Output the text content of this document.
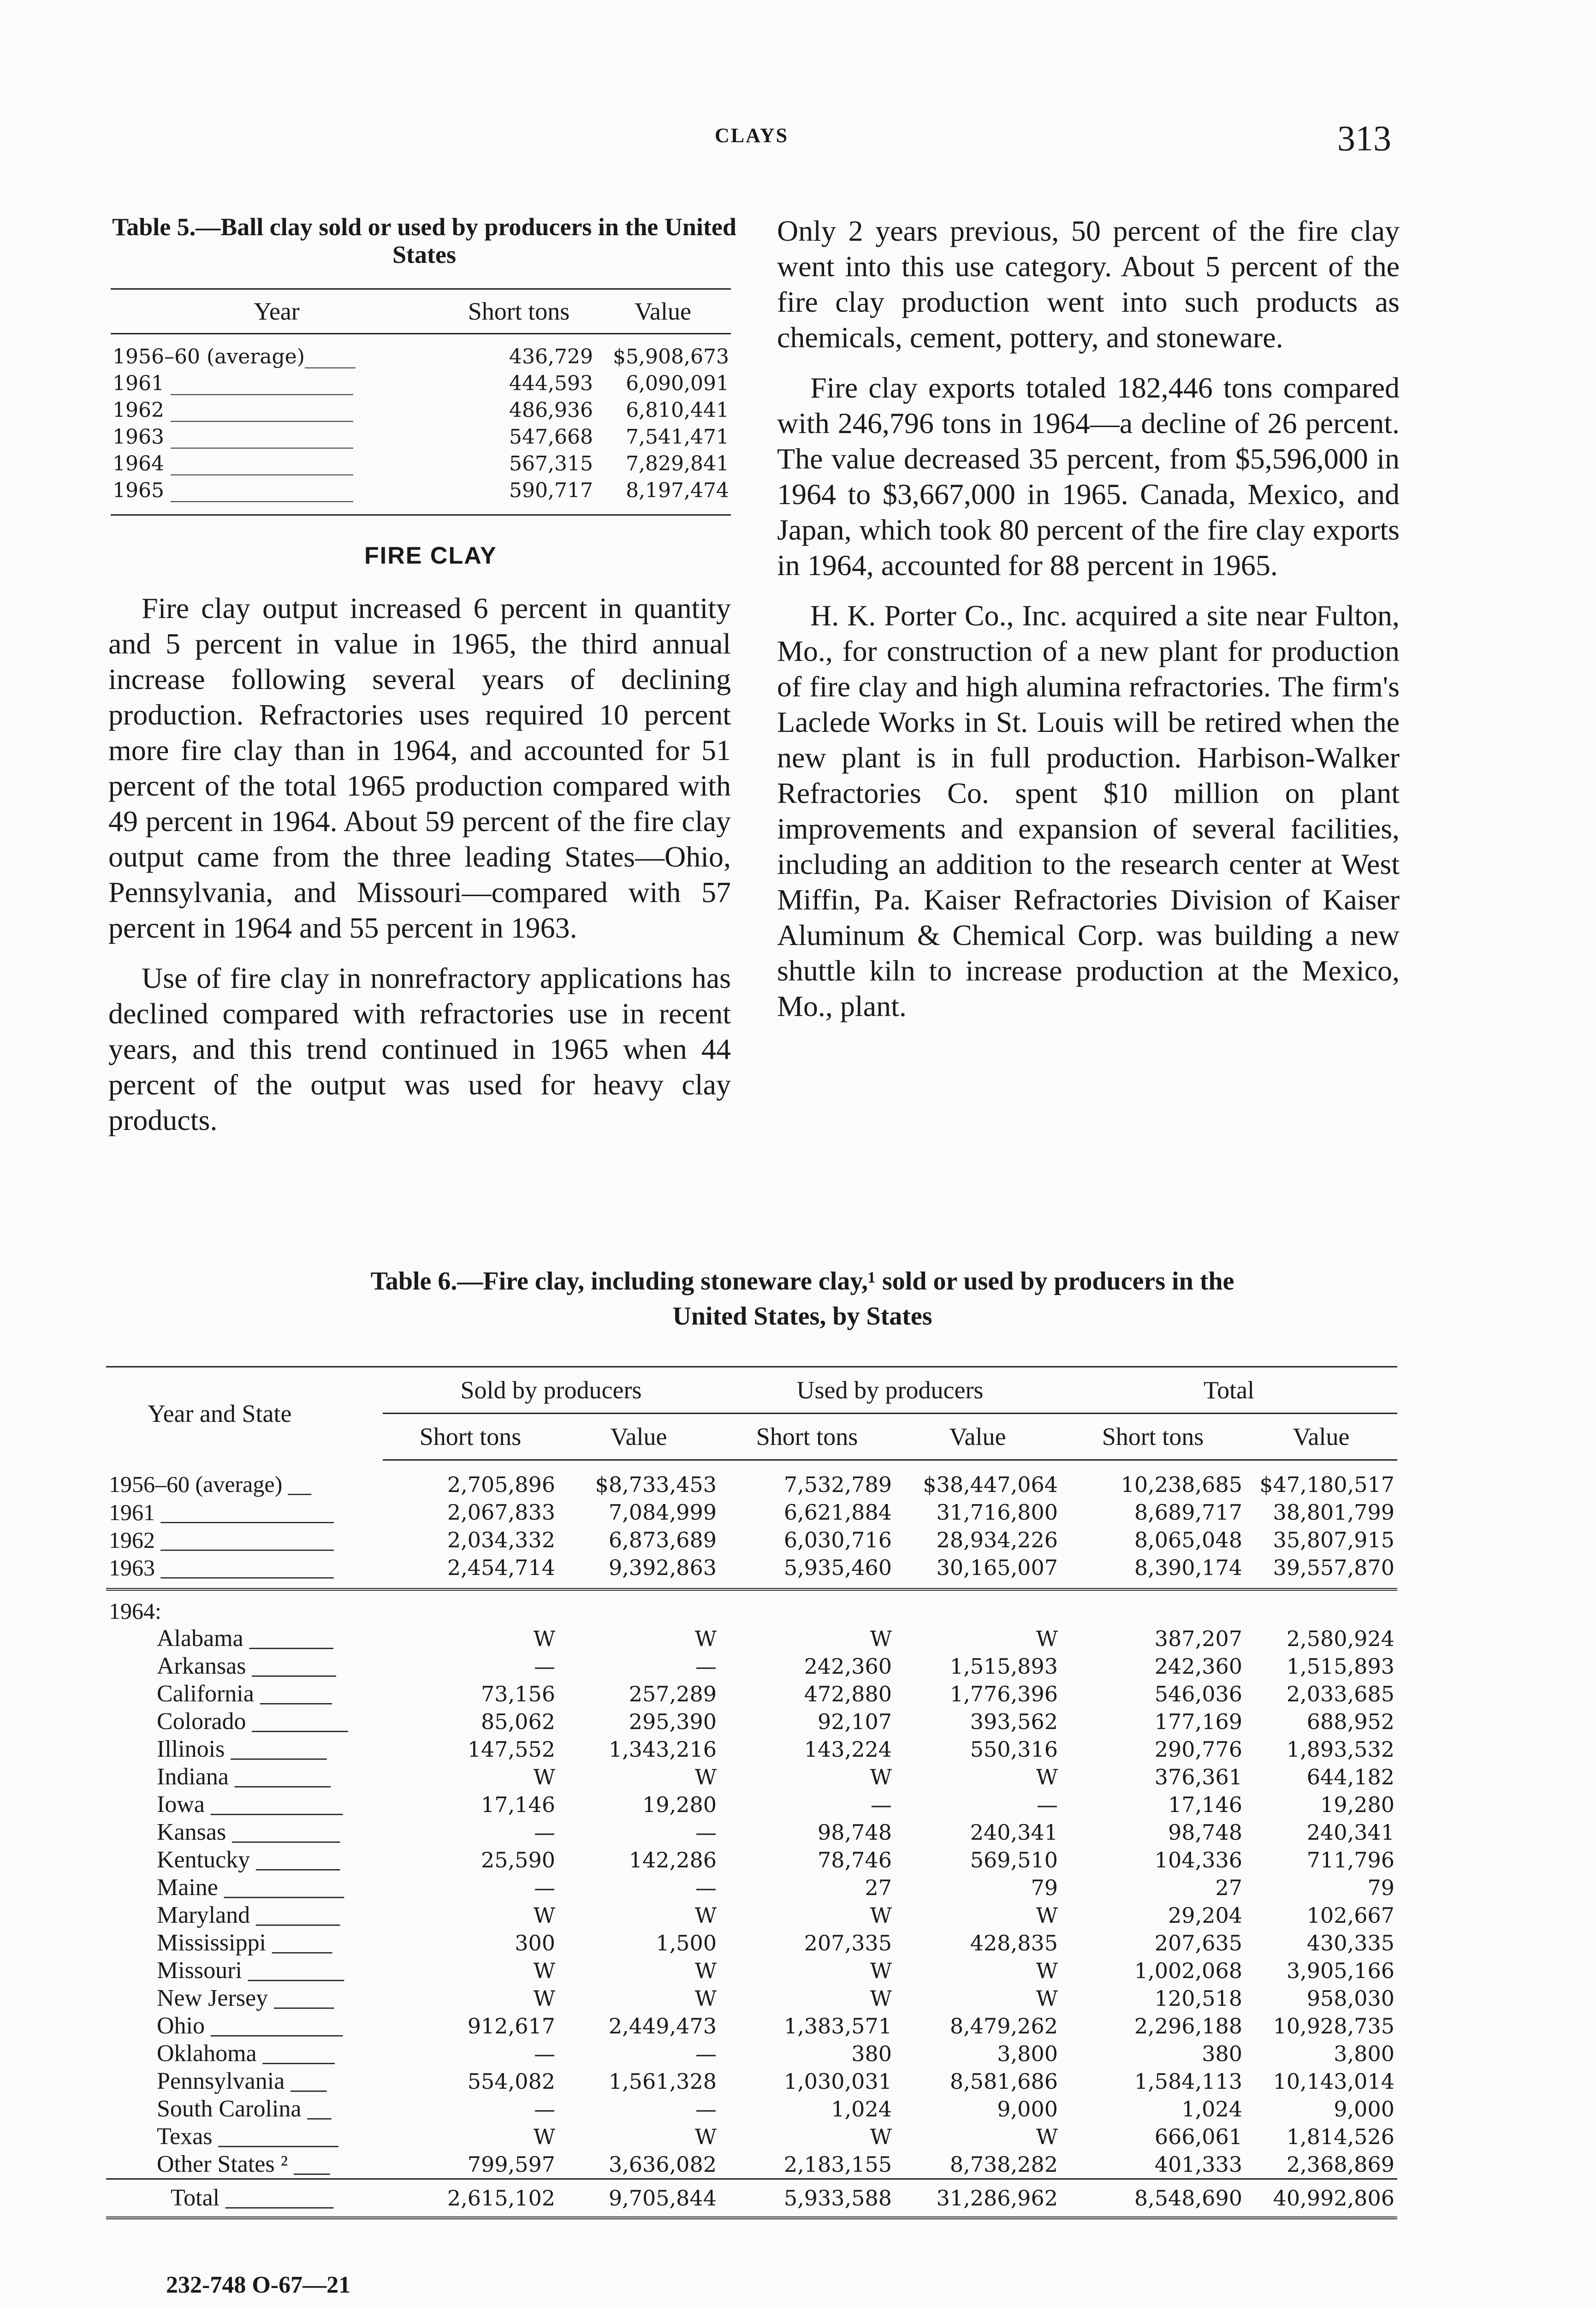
CLAYS	313
Table 5.—Ball clay sold or used by producers in the United States
Year	Short tons	Value
1956–60 (average)_____	436,729	$5,908,673
1961 __________________	444,593	6,090,091
1962 __________________	486,936	6,810,441
1963 __________________	547,668	7,541,471
1964 __________________	567,315	7,829,841
1965 __________________	590,717	8,197,474
FIRE CLAY

Fire clay output increased 6 percent in quantity and 5 percent in value in 1965, the third annual increase following several years of declining production. Refractories uses required 10 percent more fire clay than in 1964, and accounted for 51 percent of the total 1965 production compared with 49 percent in 1964. About 59 percent of the fire clay output came from the three leading States—Ohio, Pennsylvania, and Missouri—compared with 57 percent in 1964 and 55 percent in 1963.

Use of fire clay in nonrefractory applications has declined compared with refractories use in recent years, and this trend continued in 1965 when 44 percent of the output was used for heavy clay products.

Only 2 years previous, 50 percent of the fire clay went into this use category. About 5 percent of the fire clay production went into such products as chemicals, cement, pottery, and stoneware.

Fire clay exports totaled 182,446 tons compared with 246,796 tons in 1964—a decline of 26 percent. The value decreased 35 percent, from $5,596,000 in 1964 to $3,667,000 in 1965. Canada, Mexico, and Japan, which took 80 percent of the fire clay exports in 1964, accounted for 88 percent in 1965.

H. K. Porter Co., Inc. acquired a site near Fulton, Mo., for construction of a new plant for production of fire clay and high alumina refractories. The firm's Laclede Works in St. Louis will be retired when the new plant is in full production. Harbison-Walker Refractories Co. spent $10 million on plant improvements and expansion of several facilities, including an addition to the research center at West Miffin, Pa. Kaiser Refractories Division of Kaiser Aluminum & Chemical Corp. was building a new shuttle kiln to increase production at the Mexico, Mo., plant.

Table 6.—Fire clay, including stoneware clay,¹ sold or used by producers in the
United States, by States
Year and State	Sold by producers		Used by producers		Total	
	Short tons	Value	Short tons	Value	Short tons	Value
1956–60 (average) __	2,705,896	$8,733,453	7,532,789	$38,447,064	10,238,685	$47,180,517
1961 _______________	2,067,833	7,084,999	6,621,884	31,716,800	8,689,717	38,801,799
1962 _______________	2,034,332	6,873,689	6,030,716	28,934,226	8,065,048	35,807,915
1963 _______________	2,454,714	9,392,863	5,935,460	30,165,007	8,390,174	39,557,870
1964:						
Alabama _______	W	W	W	W	387,207	2,580,924
Arkansas _______	—	—	242,360	1,515,893	242,360	1,515,893
California ______	73,156	257,289	472,880	1,776,396	546,036	2,033,685
Colorado ________	85,062	295,390	92,107	393,562	177,169	688,952
Illinois ________	147,552	1,343,216	143,224	550,316	290,776	1,893,532
Indiana ________	W	W	W	W	376,361	644,182
Iowa ___________	17,146	19,280	—	—	17,146	19,280
Kansas _________	—	—	98,748	240,341	98,748	240,341
Kentucky _______	25,590	142,286	78,746	569,510	104,336	711,796
Maine __________	—	—	27	79	27	79
Maryland _______	W	W	W	W	29,204	102,667
Mississippi _____	300	1,500	207,335	428,835	207,635	430,335
Missouri ________	W	W	W	W	1,002,068	3,905,166
New Jersey _____	W	W	W	W	120,518	958,030
Ohio ___________	912,617	2,449,473	1,383,571	8,479,262	2,296,188	10,928,735
Oklahoma ______	—	—	380	3,800	380	3,800
Pennsylvania ___	554,082	1,561,328	1,030,031	8,581,686	1,584,113	10,143,014
South Carolina __	—	—	1,024	9,000	1,024	9,000
Texas __________	W	W	W	W	666,061	1,814,526
Other States ² ___	799,597	3,636,082	2,183,155	8,738,282	401,333	2,368,869
Total _________	2,615,102	9,705,844	5,933,588	31,286,962	8,548,690	40,992,806
232-748 O-67—21
